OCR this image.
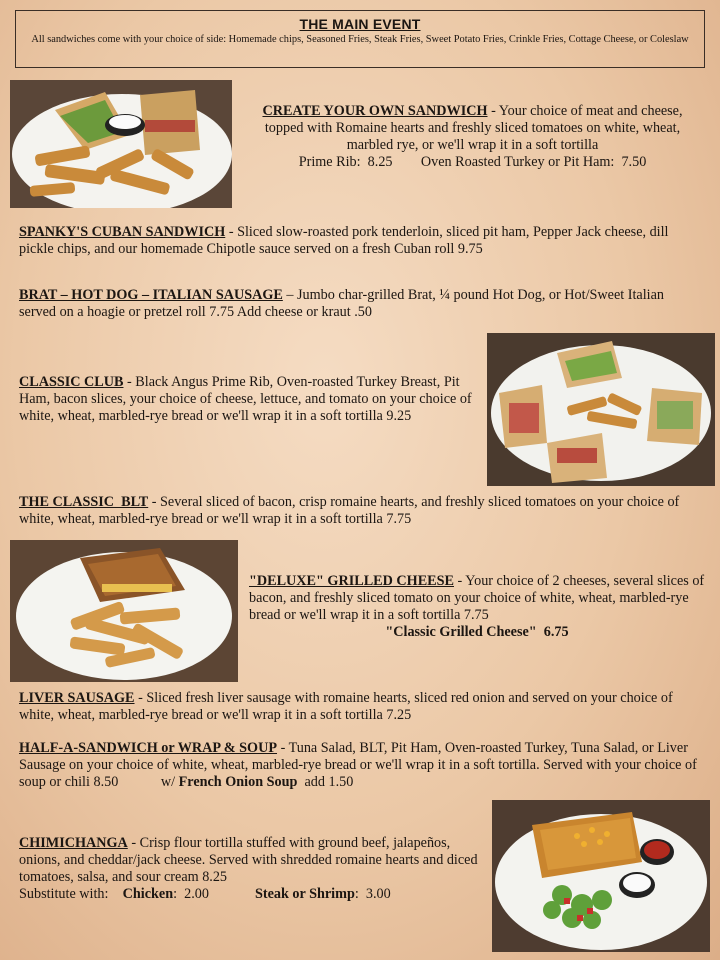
THE MAIN EVENT
All sandwiches come with your choice of side: Homemade chips, Seasoned Fries, Steak Fries, Sweet Potato Fries, Crinkle Fries, Cottage Cheese, or Coleslaw
CREATE YOUR OWN SANDWICH - Your choice of meat and cheese, topped with Romaine hearts and freshly sliced tomatoes on white, wheat, marbled rye, or we'll wrap it in a soft tortilla
Prime Rib:  8.25        Oven Roasted Turkey or Pit Ham:  7.50
SPANKY'S CUBAN SANDWICH - Sliced slow-roasted pork tenderloin, sliced pit ham, Pepper Jack cheese, dill pickle chips, and our homemade Chipotle sauce served on a fresh Cuban roll 9.75
BRAT – HOT DOG – ITALIAN SAUSAGE – Jumbo char-grilled Brat, ¼ pound Hot Dog, or Hot/Sweet Italian served on a hoagie or pretzel roll 7.75 Add cheese or kraut .50
CLASSIC CLUB - Black Angus Prime Rib, Oven-roasted Turkey Breast, Pit Ham, bacon slices, your choice of cheese, lettuce, and tomato on your choice of white, wheat, marbled-rye bread or we'll wrap it in a soft tortilla 9.25
THE CLASSIC  BLT - Several sliced of bacon, crisp romaine hearts, and freshly sliced tomatoes on your choice of white, wheat, marbled-rye bread or we'll wrap it in a soft tortilla 7.75
"DELUXE" GRILLED CHEESE - Your choice of 2 cheeses, several slices of bacon, and freshly sliced tomato on your choice of white, wheat, marbled-rye bread or we'll wrap it in a soft tortilla 7.75
"Classic Grilled Cheese"  6.75
LIVER SAUSAGE - Sliced fresh liver sausage with romaine hearts, sliced red onion and served on your choice of white, wheat, marbled-rye bread or we'll wrap it in a soft tortilla 7.25
HALF-A-SANDWICH or WRAP & SOUP - Tuna Salad, BLT, Pit Ham, Oven-roasted Turkey, Tuna Salad, or Liver Sausage on your choice of white, wheat, marbled-rye bread or we'll wrap it in a soft tortilla. Served with your choice of soup or chili 8.50            w/ French Onion Soup  add 1.50
CHIMICHANGA - Crisp flour tortilla stuffed with ground beef, jalapeños, onions, and cheddar/jack cheese. Served with shredded romaine hearts and diced tomatoes, salsa, and sour cream 8.25
Substitute with:    Chicken:  2.00	Steak or Shrimp:  3.00
